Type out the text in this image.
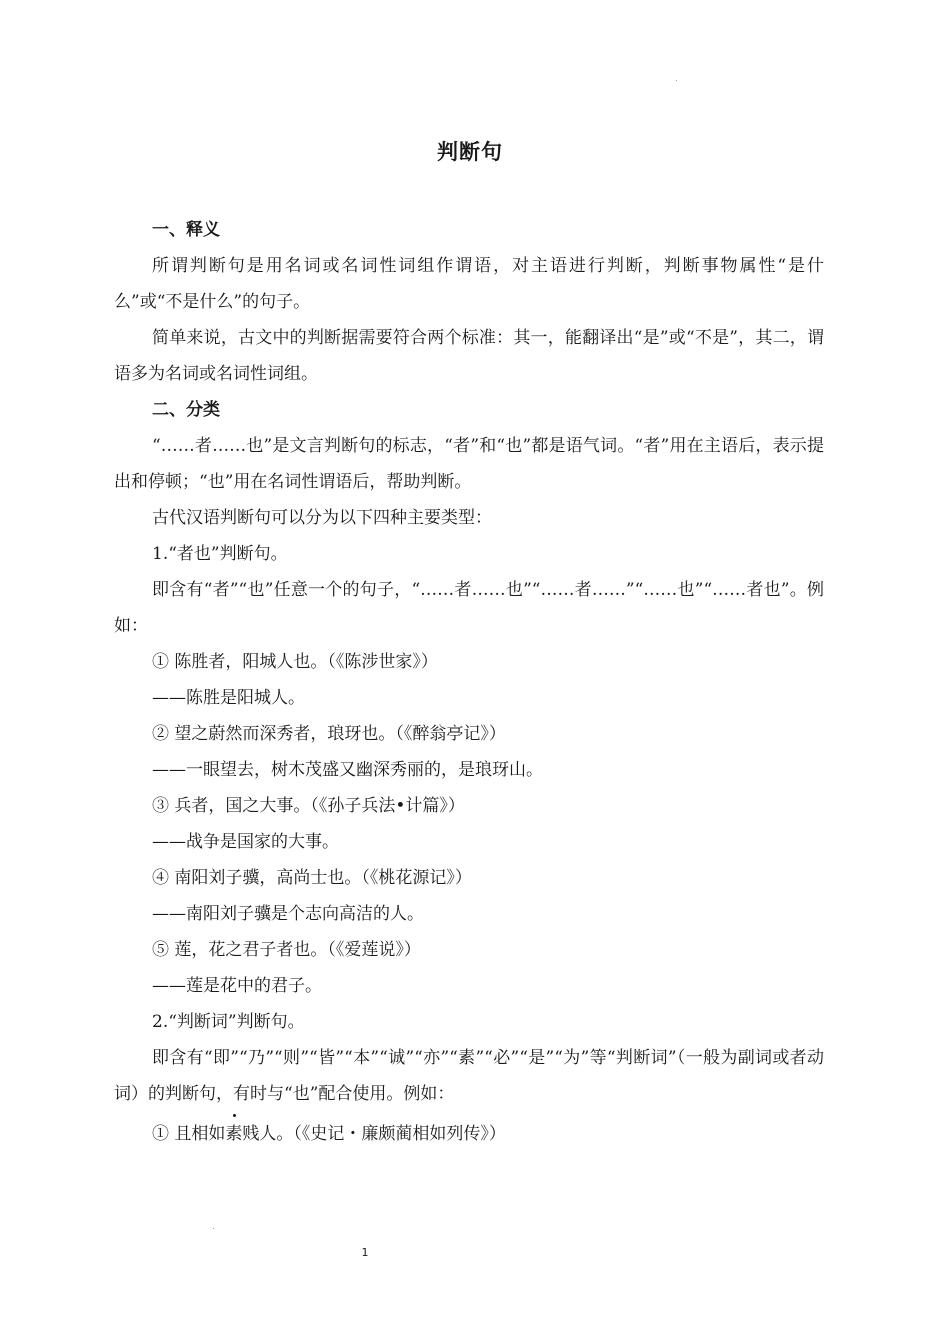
判断句

一、释义

所谓判断句是用名词或名词性词组作谓语，对主语进行判断，判断事物属性“是什么”或“不是什么”的句子。

简单来说，古文中的判断据需要符合两个标准：其一，能翻译出“是”或“不是”，其二，谓语多为名词或名词性词组。

二、分类

“……者……也”是文言判断句的标志，“者”和“也”都是语气词。“者”用在主语后，表示提出和停顿；“也”用在名词性谓语后，帮助判断。

古代汉语判断句可以分为以下四种主要类型：

1.“者也”判断句。

即含有“者”“也”任意一个的句子，“……者……也”“……者……”“……也”“……者也”。例如：

① 陈胜者，阳城人也。（《陈涉世家》）

——陈胜是阳城人。

② 望之蔚然而深秀者，琅玡也。（《醉翁亭记》）

——一眼望去，树木茂盛又幽深秀丽的，是琅玡山。

③ 兵者，国之大事。（《孙子兵法•计篇》）

——战争是国家的大事。

④ 南阳刘子骥，高尚士也。（《桃花源记》）

——南阳刘子骥是个志向高洁的人。

⑤ 莲，花之君子者也。（《爱莲说》）

——莲是花中的君子。

2.“判断词”判断句。

即含有“即”“乃”“则”“皆”“本”“诚”“亦”“素”“必”“是”“为”等“判断词”（一般为副词或者动词）的判断句，有时与“也”配合使用。例如：

① 且相如素贱人。（《史记・廉颇蔺相如列传》）

1
